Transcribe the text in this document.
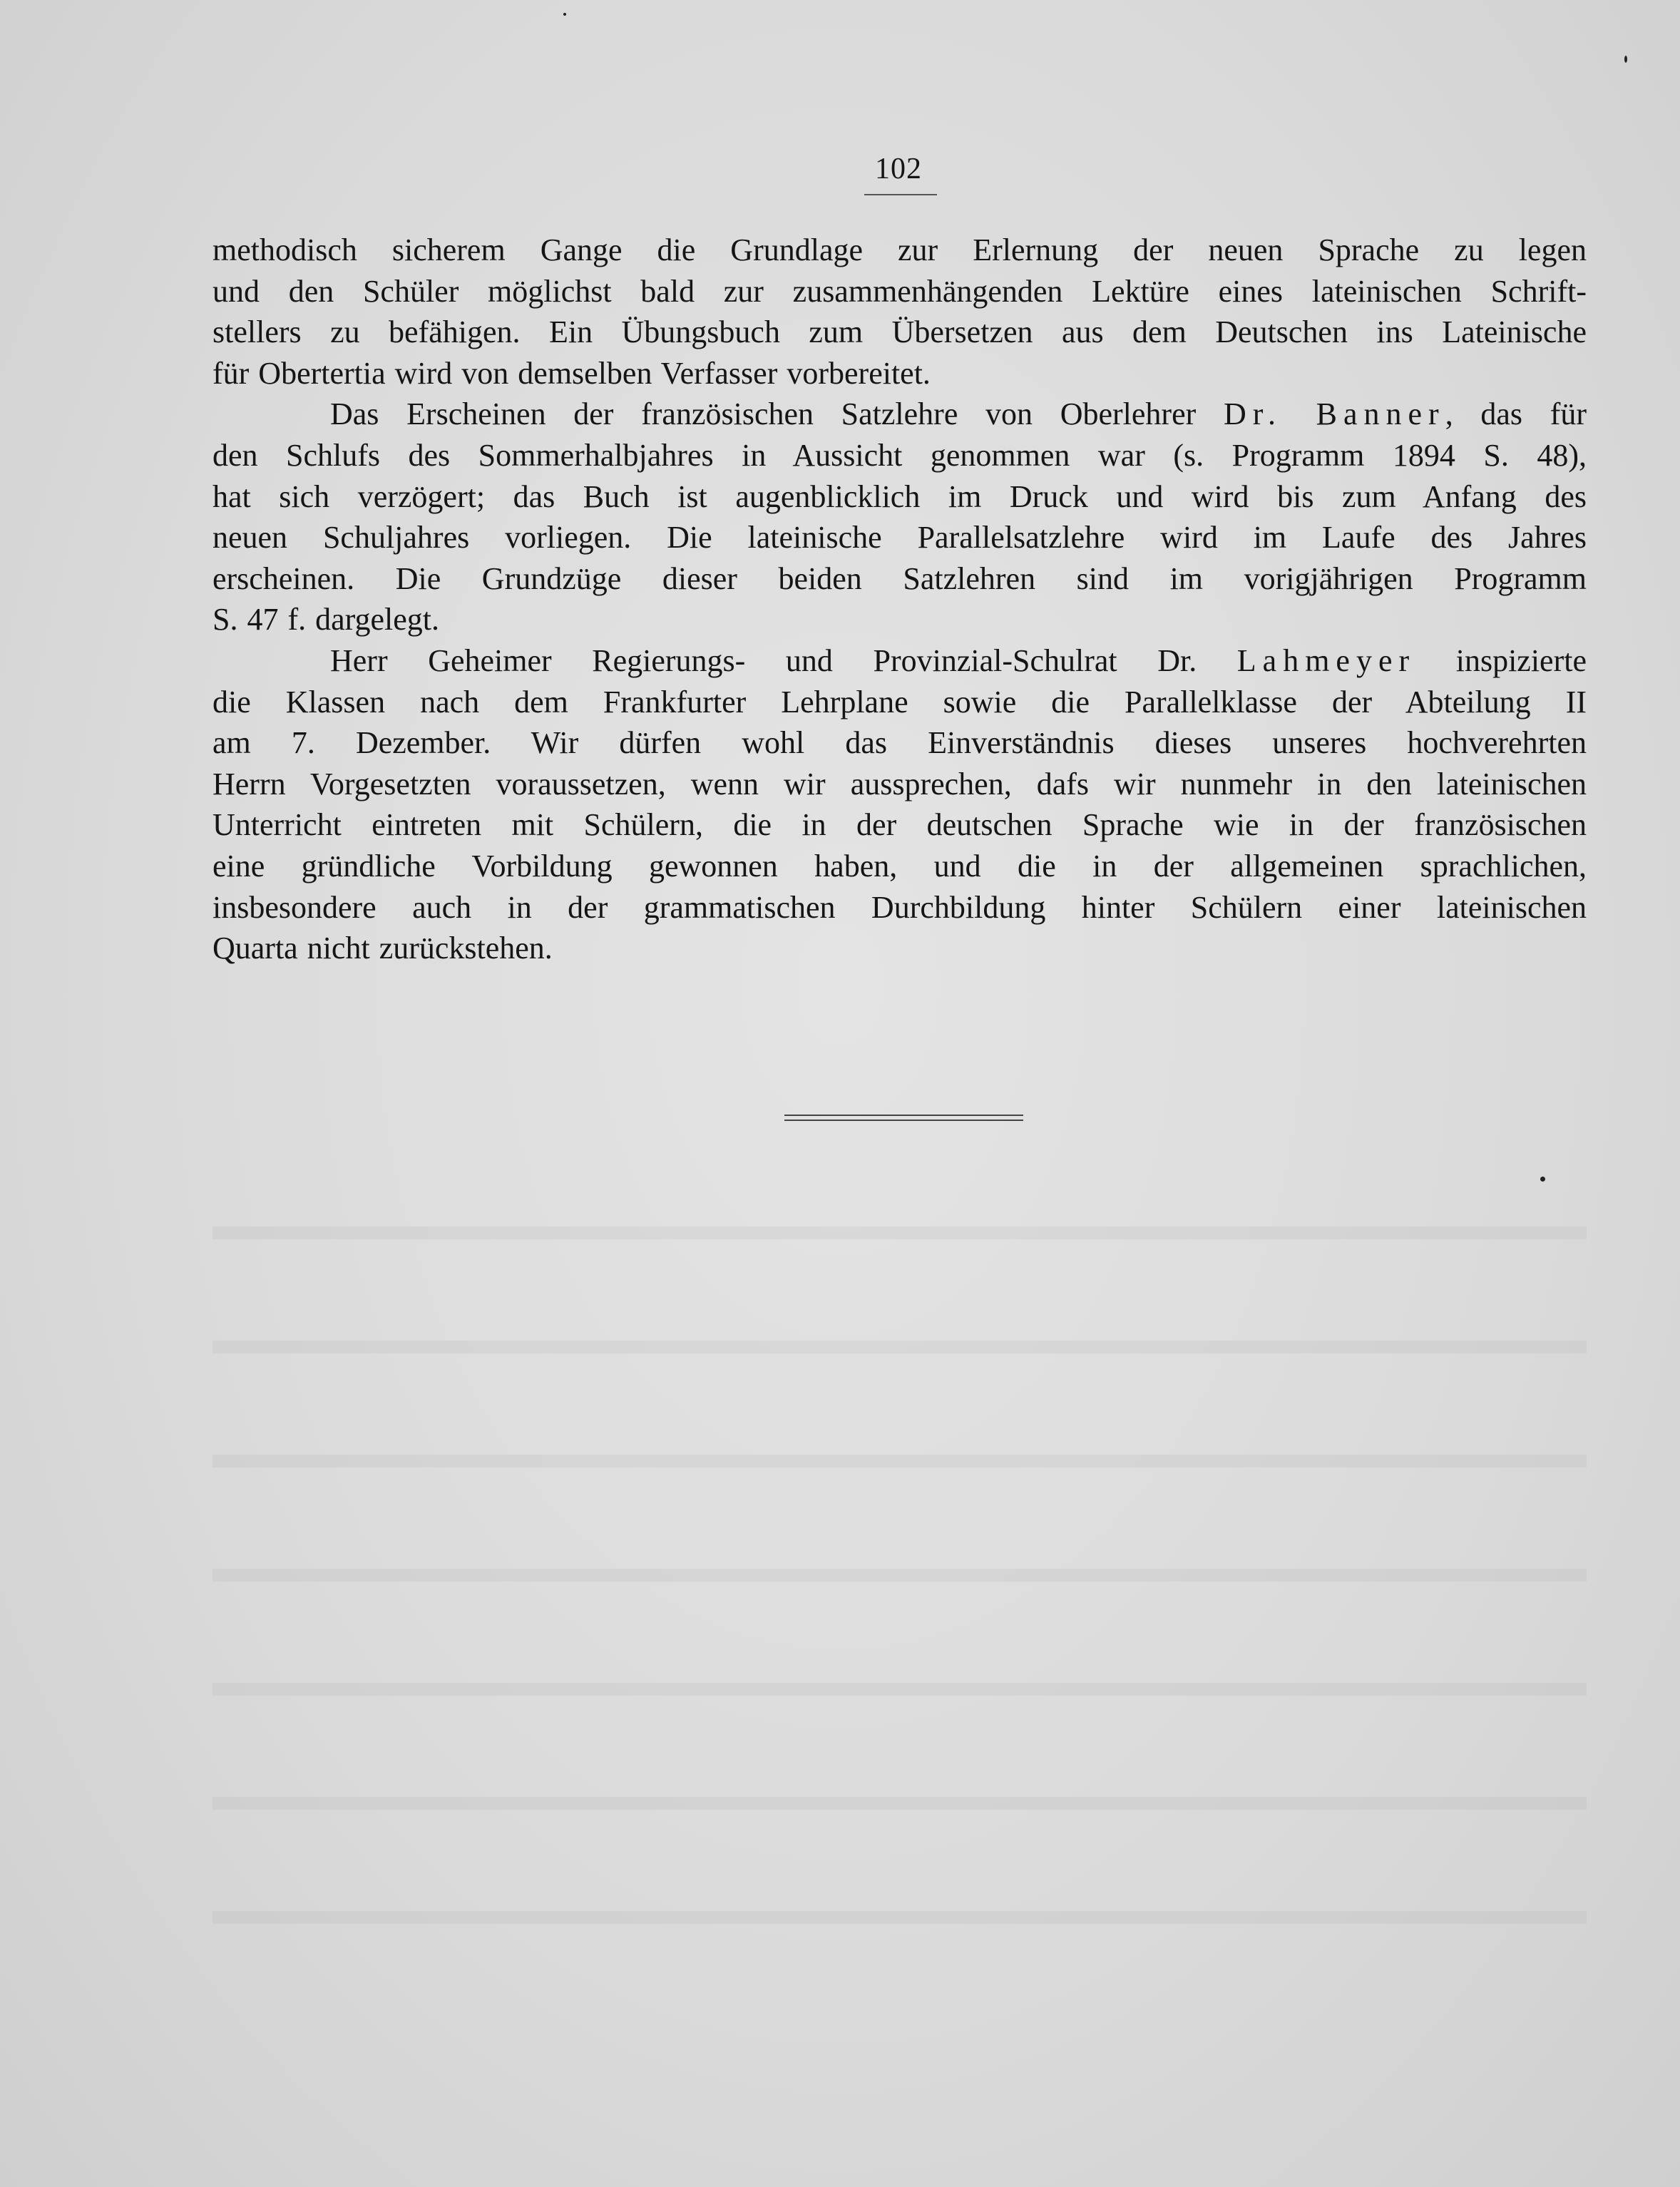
102
methodisch sicherem Gange die Grundlage zur Erlernung der neuen Sprache zu legen
und den Schüler möglichst bald zur zusammenhängenden Lektüre eines lateinischen Schrift-
stellers zu befähigen. Ein Übungsbuch zum Übersetzen aus dem Deutschen ins Lateinische
für Obertertia wird von demselben Verfasser vorbereitet.
Das Erscheinen der französischen Satzlehre von Oberlehrer Dr. Banner, das für
den Schlufs des Sommerhalbjahres in Aussicht genommen war (s. Programm 1894 S. 48),
hat sich verzögert; das Buch ist augenblicklich im Druck und wird bis zum Anfang des
neuen Schuljahres vorliegen. Die lateinische Parallelsatzlehre wird im Laufe des Jahres
erscheinen. Die Grundzüge dieser beiden Satzlehren sind im vorigjährigen Programm
S. 47 f. dargelegt.
Herr Geheimer Regierungs- und Provinzial-Schulrat Dr. Lahmeyer inspizierte
die Klassen nach dem Frankfurter Lehrplane sowie die Parallelklasse der Abteilung II
am 7. Dezember. Wir dürfen wohl das Einverständnis dieses unseres hochverehrten
Herrn Vorgesetzten voraussetzen, wenn wir aussprechen, dafs wir nunmehr in den lateinischen
Unterricht eintreten mit Schülern, die in der deutschen Sprache wie in der französischen
eine gründliche Vorbildung gewonnen haben, und die in der allgemeinen sprachlichen,
insbesondere auch in der grammatischen Durchbildung hinter Schülern einer lateinischen
Quarta nicht zurückstehen.
